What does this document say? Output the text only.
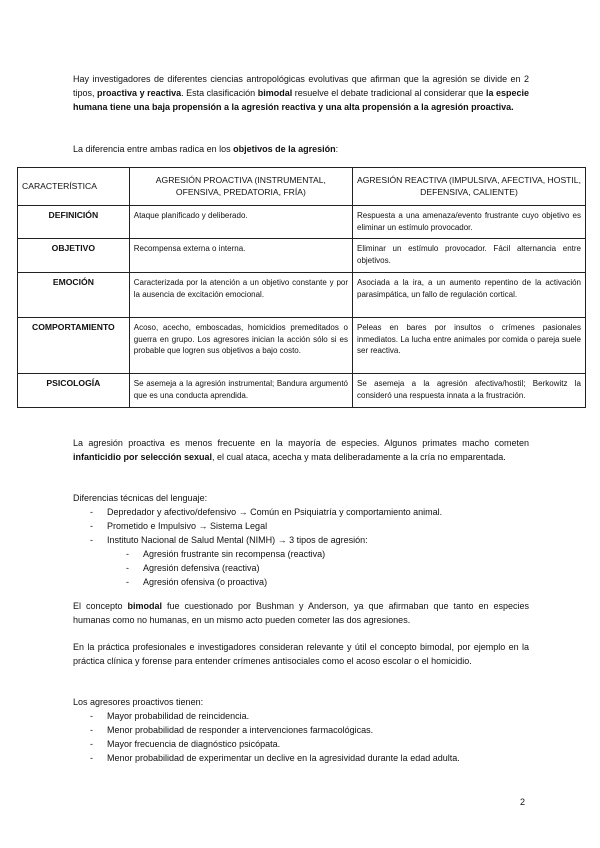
Hay investigadores de diferentes ciencias antropológicas evolutivas que afirman que la agresión se divide en 2 tipos, proactiva y reactiva. Esta clasificación bimodal resuelve el debate tradicional al considerar que la especie humana tiene una baja propensión a la agresión reactiva y una alta propensión a la agresión proactiva.

La diferencia entre ambas radica en los objetivos de la agresión:

CARACTERÍSTICA	AGRESIÓN PROACTIVA (INSTRUMENTAL, OFENSIVA, PREDATORIA, FRÍA)	AGRESIÓN REACTIVA (IMPULSIVA, AFECTIVA, HOSTIL, DEFENSIVA, CALIENTE)
DEFINICIÓN	Ataque planificado y deliberado.	Respuesta a una amenaza/evento frustrante cuyo objetivo es eliminar un estímulo provocador.
OBJETIVO	Recompensa externa o interna.	Eliminar un estímulo provocador. Fácil alternancia entre objetivos.
EMOCIÓN	Caracterizada por la atención a un objetivo constante y por la ausencia de excitación emocional.	Asociada a la ira, a un aumento repentino de la activación parasimpática, un fallo de regulación cortical.
COMPORTAMIENTO	Acoso, acecho, emboscadas, homicidios premeditados o guerra en grupo. Los agresores inician la acción sólo si es probable que logren sus objetivos a bajo costo.	Peleas en bares por insultos o crímenes pasionales inmediatos. La lucha entre animales por comida o pareja suele ser reactiva.
PSICOLOGÍA	Se asemeja a la agresión instrumental; Bandura argumentó que es una conducta aprendida.	Se asemeja a la agresión afectiva/hostil; Berkowitz la consideró una respuesta innata a la frustración.

La agresión proactiva es menos frecuente en la mayoría de especies. Algunos primates macho cometen infanticidio por selección sexual, el cual ataca, acecha y mata deliberadamente a la cría no emparentada.

Diferencias técnicas del lenguaje:

- Depredador y afectivo/defensivo → Común en Psiquiatría y comportamiento animal.
- Prometido e Impulsivo → Sistema Legal
- Instituto Nacional de Salud Mental (NIMH) → 3 tipos de agresión:
- Agresión frustrante sin recompensa (reactiva)
- Agresión defensiva (reactiva)
- Agresión ofensiva (o proactiva)

El concepto bimodal fue cuestionado por Bushman y Anderson, ya que afirmaban que tanto en especies humanas como no humanas, en un mismo acto pueden cometer las dos agresiones.

En la práctica profesionales e investigadores consideran relevante y útil el concepto bimodal, por ejemplo en la práctica clínica y forense para entender crímenes antisociales como el acoso escolar o el homicidio.

Los agresores proactivos tienen:

- Mayor probabilidad de reincidencia.
- Menor probabilidad de responder a intervenciones farmacológicas.
- Mayor frecuencia de diagnóstico psicópata.
- Menor probabilidad de experimentar un declive en la agresividad durante la edad adulta.
2
